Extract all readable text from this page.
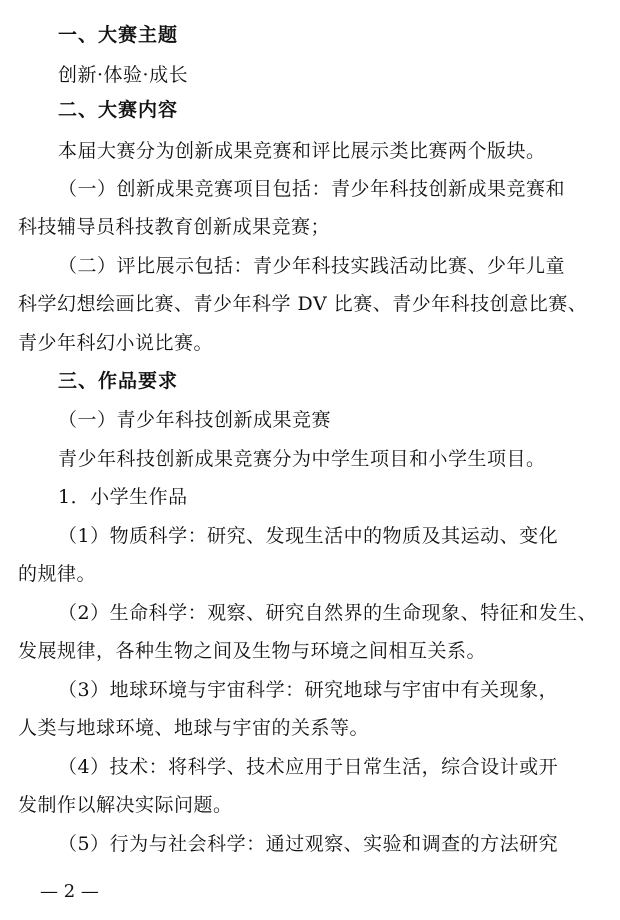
一、大赛主题
创新·体验·成长
二、大赛内容
本届大赛分为创新成果竞赛和评比展示类比赛两个版块。
（一）创新成果竞赛项目包括：青少年科技创新成果竞赛和
科技辅导员科技教育创新成果竞赛；
（二）评比展示包括：青少年科技实践活动比赛、少年儿童
科学幻想绘画比赛、青少年科学 DV 比赛、青少年科技创意比赛、
青少年科幻小说比赛。
三、作品要求
（一）青少年科技创新成果竞赛
青少年科技创新成果竞赛分为中学生项目和小学生项目。
1．小学生作品
（1）物质科学：研究、发现生活中的物质及其运动、变化
的规律。
（2）生命科学：观察、研究自然界的生命现象、特征和发生、
发展规律，各种生物之间及生物与环境之间相互关系。
（3）地球环境与宇宙科学：研究地球与宇宙中有关现象，
人类与地球环境、地球与宇宙的关系等。
（4）技术：将科学、技术应用于日常生活，综合设计或开
发制作以解决实际问题。
（5）行为与社会科学：通过观察、实验和调查的方法研究
— 2 —
